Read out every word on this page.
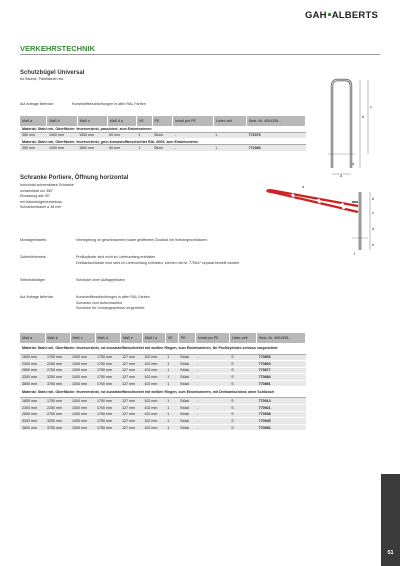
GAH ALBERTS
VERKEHRSTECHNIK
Schutzbügel Universal
für Bäume, Parkflächen etc.
Auf Anfrage lieferbar:	Kunststoffbeschichtungen in allen RAL Farben
b
c
a
d
Maß a	Maß b	Maß c	Maß d ⌀	VE	PE	Inhalt pro PE	Liefer-zeit	Best.-Nr. 4004355...
Material: Stahl roh, Oberfläche: feuerverzinkt, passiviert, zum Einbetonieren								
350 mm	1000 mm	1500 mm	60 mm	1	Stück	-	L	772376
Material: Stahl roh, Oberfläche: feuerverzinkt, grün kunststoffbeschichtet RAL 6005, zum Einbetonieren								
350 mm	1000 mm	1500 mm	60 mm	1	Stück	-	L	772383
Schranke Portiere, Öffnung horizontal
horizontal schwenkbare Schranke
schwenkbar um 360°
Einrastung alle 90°
mit Hakenbügelverschluss
Schrankenbaum ⌀ 48 mm
b
c
d
e
a
f
Montagehinweis:	Verriegelung im geschlossenen sowie geöffneten Zustand mit Vorhangeschlössern
Zubehörhinweis:	Profilzylinder sind nicht im Lieferumfang enthalten
Dreikantschlüssel sind nicht im Lieferumfang enthalten, können mit Nr. 770647 separat bestellt werden
Selbstständiger:	Schranke ohne Auflagepfosten
Auf Anfrage lieferbar:	Kunststoffbeschichtungen in allen RAL Farben
Schranke zum Aufschrauben
Schranke für Vorhangeschloss vorgerichtet
Maß a	Maß b	Maß c	Maß d	Maß e	Maß f ⌀	VE	PE	Inhalt pro PE	Liefer-zeit	Best.-Nr. 4004355...
Material: Stahl roh, Oberfläche: feuerverzinkt, rot kunststoffbeschichtet mit weißen Ringen, zum Einbetonieren, für Profilzylinder-schloss vorgerichtet										
1600 mm	1750 mm	1000 mm	1750 mm	127 mm	102 mm	1	Stück	-	S	770853
2300 mm	2250 mm	1000 mm	1750 mm	127 mm	102 mm	1	Stück	-	S	770860
2800 mm	2750 mm	1000 mm	1750 mm	127 mm	102 mm	1	Stück	-	S	770877
3300 mm	3250 mm	1000 mm	1750 mm	127 mm	102 mm	1	Stück	-	S	770884
3800 mm	3750 mm	1000 mm	1750 mm	127 mm	102 mm	1	Stück	-	S	770891
Material: Stahl roh, Oberfläche: feuerverzinkt, rot kunststoffbeschichtet mit weißen Ringen, zum Einbetonieren, mit Dreikantschloss ohne Schlüssel										
1800 mm	1750 mm	1000 mm	1750 mm	127 mm	102 mm	1	Stück	-	S	770914
2300 mm	2250 mm	1000 mm	1750 mm	127 mm	102 mm	1	Stück	-	S	770921
2800 mm	2750 mm	1000 mm	1750 mm	127 mm	102 mm	1	Stück	-	S	770938
3300 mm	3250 mm	1000 mm	1750 mm	127 mm	102 mm	1	Stück	-	S	770945
3800 mm	3750 mm	1000 mm	1750 mm	127 mm	102 mm	1	Stück	-	S	770952
51
